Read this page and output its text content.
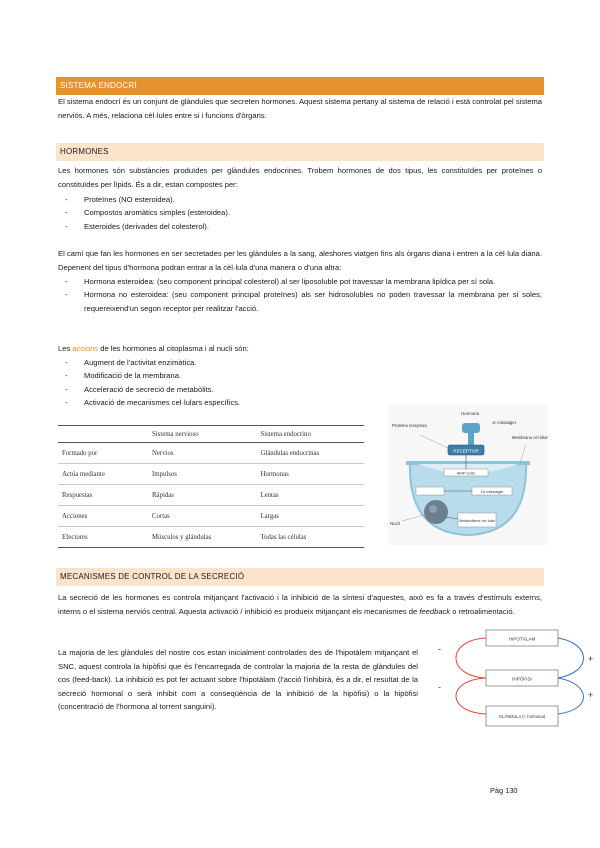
SISTEMA ENDOCRÍ

El sistema endocrí és un conjunt de glàndules que secreten hormones. Aquest sistema pertany al sistema de relació i està controlat pel sistema nerviós. A més, relaciona cèl·lules entre si i funcions d'òrgans.

HORMONES

Les hormones són substàncies produïdes per glàndules endocrines. Trobem hormones de dos tipus, les constituïdes per proteïnes o constituïdes per lípids. És a dir, estan compostes per:

- Proteïnes (NO esteroidea).
- Compostos aromàtics simples (esteroidea).
- Esteroides (derivades del colesterol).

El camí que fan les hormones en ser secretades per les glàndules a la sang, aleshores viatgen fins als òrgans diana i entren a la cèl·lula diana. Depenent del tipus d'hormona podran entrar a la cèl·lula d'una manera o d'una altra:

- Hormona esteroidea: (seu component principal colesterol) al ser liposoluble pot travessar la membrana lipídica per sí sola.
- Hormona no esteroidea: (seu component principal proteïnes) als ser hidrosolubles no poden travessar la membrana per sí soles, requereixend'un segon receptor per realitzar l'acció.

Les accions de les hormones al citoplasma i al nucli són:

- Augment de l'activitat enzimàtica.
- Modificació de la membrana.
- Acceleració de secreció de metabòlits.
- Activació de mecanismes cel·lulars específics.
	Sistema nervioso	Sistema endocrino
Formado por	Nervios	Glándulas endocrinas
Actúa mediante	Impulsos	Hormonas
Respuestas	Rápidas	Lentas
Acciones	Cortas	Largas
Efectores	Músculos y glándulas	Todas las células
Hormona
1r missatger
Proteïna receptora
RECEPTOR
Membrana cel·lular
AMP cíclic
2n missatger
Nucli	Metabolisme cel·lular
MECANISMES DE CONTROL DE LA SECRECIÓ

La secreció de les hormones es controla mitjançant l'activació i la inhibició de la síntesi d'aquestes, això es fa a través d'estímuls externs, interns o el sistema nerviós central. Aquesta activació / inhibició es produeix mitjançant els mecanismes de feedback o retroalimentació.

La majoria de les glàndules del nostre cos estan inicialment controlades des de l'hipotàlem mitjançant el SNC, aquest controla la hipòfisi que és l'encarregada de controlar la majoria de la resta de glàndules del cos (feed-back). La inhibició es pot fer actuant sobre l'hipotàlam (l'acció l'inhibirà, és a dir, el resultat de la secreció hormonal o serà inhibit com a conseqüència de la inhibició de la hipòfisi) o la hipòfisi (concentració de l'hormona al torrent sanguini).

HIPOTÀLAM
HIPÒFISI
GLÀNDULA (+ hormona)
-
-
+
+
Pàg 130
